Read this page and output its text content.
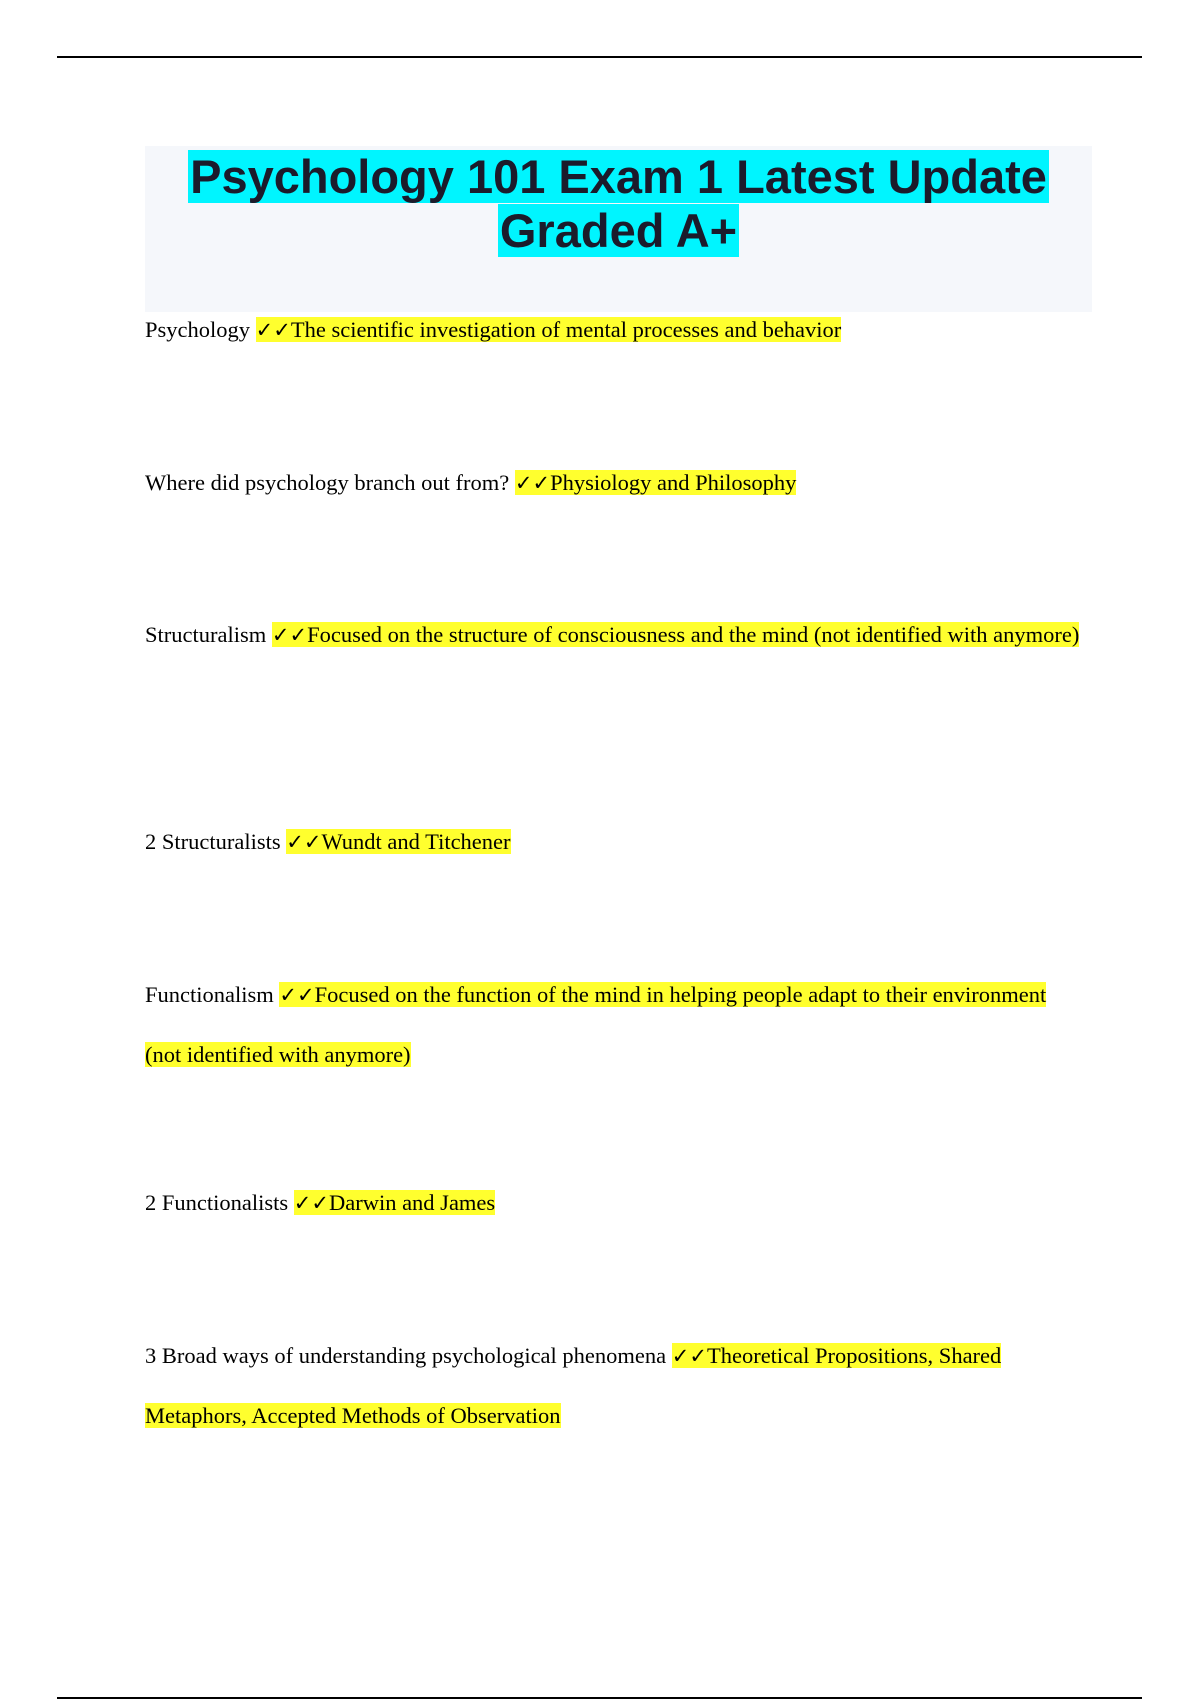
Psychology 101 Exam 1 Latest Update Graded A+

Psychology ✓✓The scientific investigation of mental processes and behavior

Where did psychology branch out from? ✓✓Physiology and Philosophy

Structuralism ✓✓Focused on the structure of consciousness and the mind (not identified with anymore)

2 Structuralists ✓✓Wundt and Titchener

Functionalism ✓✓Focused on the function of the mind in helping people adapt to their environment (not identified with anymore)

2 Functionalists ✓✓Darwin and James

3 Broad ways of understanding psychological phenomena ✓✓Theoretical Propositions, Shared Metaphors, Accepted Methods of Observation
